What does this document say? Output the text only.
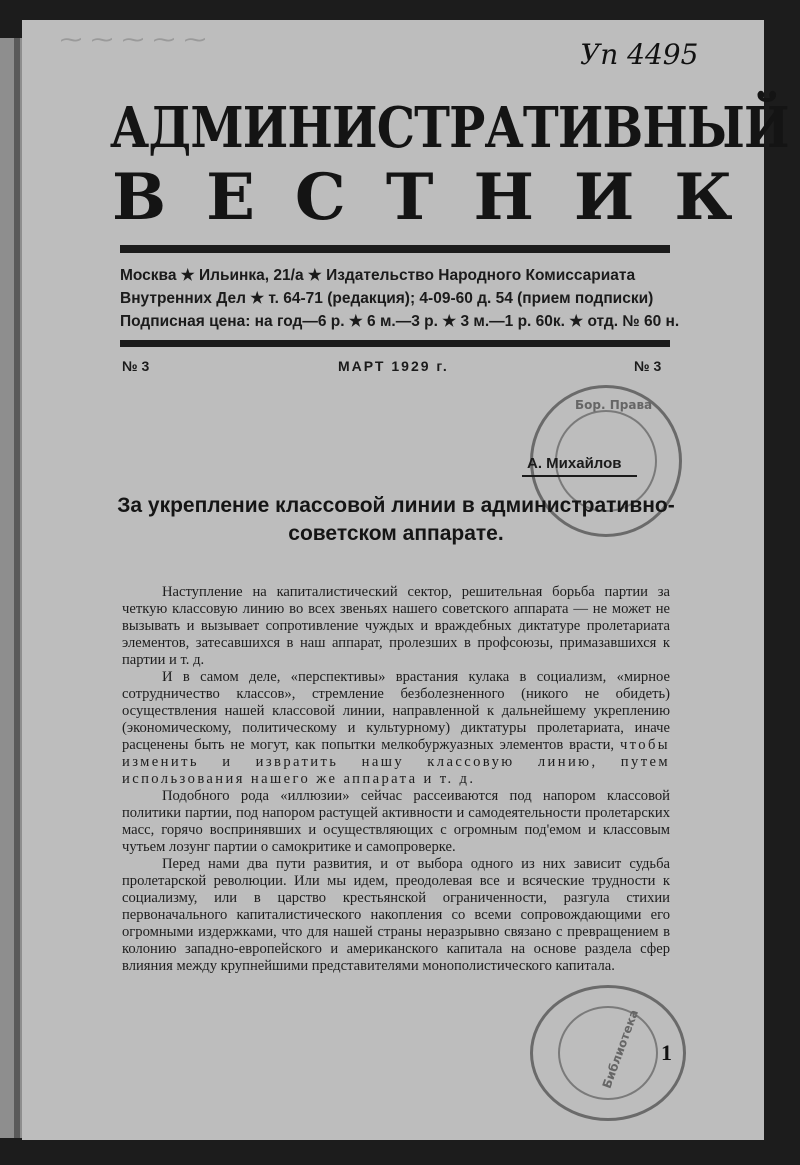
⁓ ⁓ ⁓ ⁓ ⁓	Уп 4495
АДМИНИСТРАТИВНЫЙ
ВЕСТНИК
Москва ★ Ильинка, 21/а ★ Издательство Народного Комиссариата
Внутренних Дел ★ т. 64-71 (редакция); 4-09-60 д. 54 (прием подписки)
Подписная цена: на год—6 р. ★ 6 м.—3 р. ★ 3 м.—1 р. 60к. ★ отд. № 60 н.
№ 3	МАРТ 1929 г.	№ 3
Бор. Права
А. Михайлов
За укрепление классовой линии в административно-
советском аппарате.

Наступление на капиталистический сектор, решительная борьба партии за четкую классовую линию во всех звеньях нашего советского аппарата — не может не вызывать и вызывает сопротивление чуждых и враждебных диктатуре пролетариата элементов, затесавшихся в наш аппарат, пролезших в профсоюзы, примазавшихся к партии и т. д.

И в самом деле, «перспективы» врастания кулака в социализм, «мирное сотрудничество классов», стремление безболезненного (никого не обидеть) осуществления нашей классовой линии, направленной к дальнейшему укреплению (экономическому, политическому и культурному) диктатуры пролетариата, иначе расценены быть не могут, как попытки мелкобуржуазных элементов врасти, чтобы изменить и извратить нашу классовую линию, путем использования нашего же аппарата и т. д.

Подобного рода «иллюзии» сейчас рассеиваются под напором классовой политики партии, под напором растущей активности и самодеятельности пролетарских масс, горячо воспринявших и осуществляющих с огромным под'емом и классовым чутьем лозунг партии о самокритике и самопроверке.

Перед нами два пути развития, и от выбора одного из них зависит судьба пролетарской революции. Или мы идем, преодолевая все и всяческие трудности к социализму, или в царство крестьянской ограниченности, разгула стихии первоначального капиталистического накопления со всеми сопровождающими его огромными издержками, что для нашей страны неразрывно связано с превращением в колонию западно-европейского и американского капитала на основе раздела сфер влияния между крупнейшими представителями монополистического капитала.

Библиотека 1
